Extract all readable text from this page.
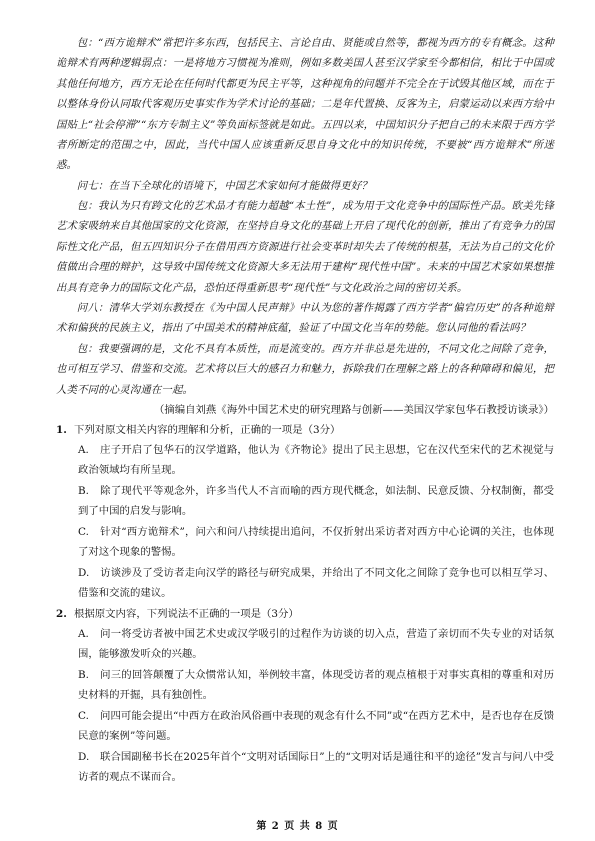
包：“西方诡辩术”常把许多东西，包括民主、言论自由、贤能或自然等，都视为西方的专有概念。这种诡辩术有两种逻辑弱点：一是将地方习惯视为准则，例如多数美国人甚至汉学家至今都相信，相比于中国或其他任何地方，西方无论在任何时代都更为民主平等，这种视角的问题并不完全在于试毁其他区域，而在于以整体身份认同取代客观历史事实作为学术讨论的基础；二是年代置换、反客为主，启蒙运动以来西方给中国贴上“社会停滞”“东方专制主义”等负面标签就是如此。五四以来，中国知识分子把自己的未来限于西方学者所断定的范围之中，因此，当代中国人应该重新反思自身文化中的知识传统，不要被“西方诡辩术”所迷惑。
问七：在当下全球化的语境下，中国艺术家如何才能做得更好？
包：我认为只有跨文化的艺术品才有能力超越“本土性”，成为用于文化竞争中的国际性产品。欧美先锋艺术家吸纳来自其他国家的文化资源，在坚持自身文化的基础上开启了现代化的创新，推出了有竞争力的国际性文化产品，但五四知识分子在借用西方资源进行社会变革时却失去了传统的根基，无法为自己的文化价值做出合理的辩护，这导致中国传统文化资源大多无法用于建构“现代性中国”。未来的中国艺术家如果想推出具有竞争力的国际文化产品，恐怕还得重新思考“现代性”与文化政治之间的密切关系。
问八：清华大学刘东教授在《为中国人民声辩》中认为您的著作揭露了西方学者“偏宕历史”的各种诡辩术和偏狭的民族主义，指出了中国美术的精神底蕴，验证了中国文化当年的势能。您认同他的看法吗？
包：我要强调的是，文化不具有本质性，而是流变的。西方并非总是先进的，不同文化之间除了竞争，也可相互学习、借鉴和交流。艺术将以巨大的感召力和魅力，拆除我们在理解之路上的各种障碍和偏见，把人类不同的心灵沟通在一起。
（摘编自刘燕《海外中国艺术史的研究理路与创新——美国汉学家包华石教授访谈录》）
1. 下列对原文相关内容的理解和分析，正确的一项是（3分）
A. 庄子开启了包华石的汉学道路，他认为《齐物论》提出了民主思想，它在汉代至宋代的艺术视觉与政治领域均有所呈现。
B. 除了现代平等观念外，许多当代人不言而喻的西方现代概念，如法制、民意反馈、分权制衡，都受到了中国的启发与影响。
C. 针对“西方诡辩术”，问六和问八持续提出追问，不仅折射出采访者对西方中心论调的关注，也体现了对这个现象的警惕。
D. 访谈涉及了受访者走向汉学的路径与研究成果，并给出了不同文化之间除了竞争也可以相互学习、借鉴和交流的建议。
2. 根据原文内容，下列说法不正确的一项是（3分）
A. 问一将受访者被中国艺术史或汉学吸引的过程作为访谈的切入点，营造了亲切而不失专业的对话氛围，能够激发听众的兴趣。
B. 问三的回答颠覆了大众惯常认知，举例较丰富，体现受访者的观点植根于对事实真相的尊重和对历史材料的开掘，具有独创性。
C. 问四可能会提出“中西方在政治风俗画中表现的观念有什么不同”或“在西方艺术中，是否也存在反馈民意的案例”等问题。
D. 联合国副秘书长在2025年首个“文明对话国际日”上的“文明对话是通往和平的途径”发言与问八中受访者的观点不谋而合。
第 2 页 共 8 页
